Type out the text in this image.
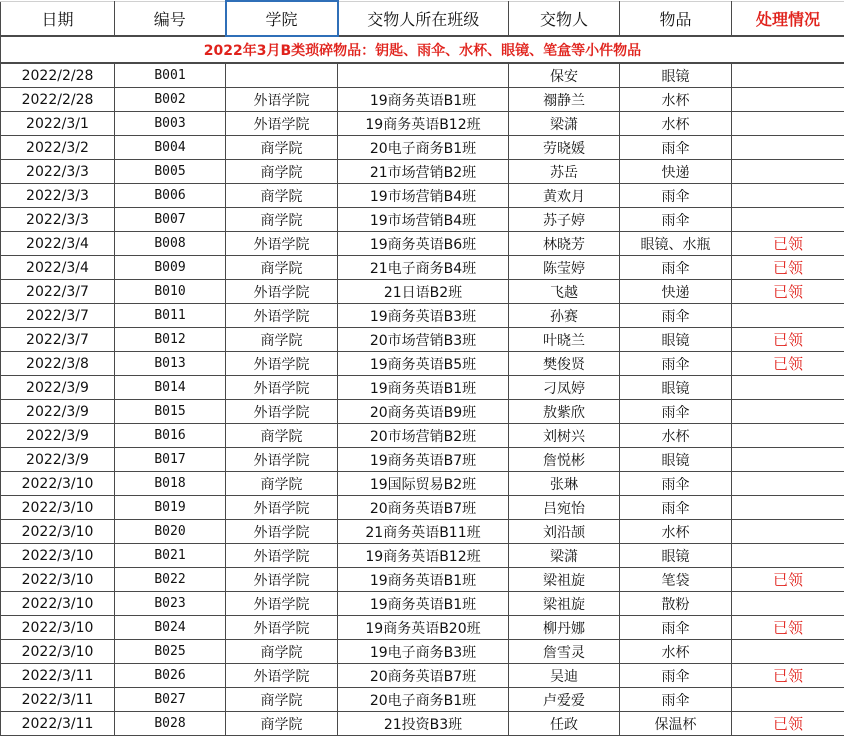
日期	编号	学院	交物人所在班级	交物人	物品	处理情况
2022年3月B类琐碎物品：钥匙、雨伞、水杯、眼镜、笔盒等小件物品						
2022/2/28	B001			保安	眼镜	
2022/2/28	B002	外语学院	19商务英语B1班	禤静兰	水杯	
2022/3/1	B003	外语学院	19商务英语B12班	梁潇	水杯	
2022/3/2	B004	商学院	20电子商务B1班	劳晓媛	雨伞	
2022/3/3	B005	商学院	21市场营销B2班	苏岳	快递	
2022/3/3	B006	商学院	19市场营销B4班	黄欢月	雨伞	
2022/3/3	B007	商学院	19市场营销B4班	苏子婷	雨伞	
2022/3/4	B008	外语学院	19商务英语B6班	林晓芳	眼镜、水瓶	已领
2022/3/4	B009	商学院	21电子商务B4班	陈莹婷	雨伞	已领
2022/3/7	B010	外语学院	21日语B2班	飞越	快递	已领
2022/3/7	B011	外语学院	19商务英语B3班	孙赛	雨伞	
2022/3/7	B012	商学院	20市场营销B3班	叶晓兰	眼镜	已领
2022/3/8	B013	外语学院	19商务英语B5班	樊俊贤	雨伞	已领
2022/3/9	B014	外语学院	19商务英语B1班	刁凤婷	眼镜	
2022/3/9	B015	外语学院	20商务英语B9班	敖紫欣	雨伞	
2022/3/9	B016	商学院	20市场营销B2班	刘树兴	水杯	
2022/3/9	B017	外语学院	19商务英语B7班	詹悦彬	眼镜	
2022/3/10	B018	商学院	19国际贸易B2班	张琳	雨伞	
2022/3/10	B019	外语学院	20商务英语B7班	吕宛怡	雨伞	
2022/3/10	B020	外语学院	21商务英语B11班	刘沿颉	水杯	
2022/3/10	B021	外语学院	19商务英语B12班	梁潇	眼镜	
2022/3/10	B022	外语学院	19商务英语B1班	梁祖旋	笔袋	已领
2022/3/10	B023	外语学院	19商务英语B1班	梁祖旋	散粉	
2022/3/10	B024	外语学院	19商务英语B20班	柳丹娜	雨伞	已领
2022/3/10	B025	商学院	19电子商务B3班	詹雪灵	水杯	
2022/3/11	B026	外语学院	20商务英语B7班	吴迪	雨伞	已领
2022/3/11	B027	商学院	20电子商务B1班	卢爱爱	雨伞	
2022/3/11	B028	商学院	21投资B3班	任政	保温杯	已领
